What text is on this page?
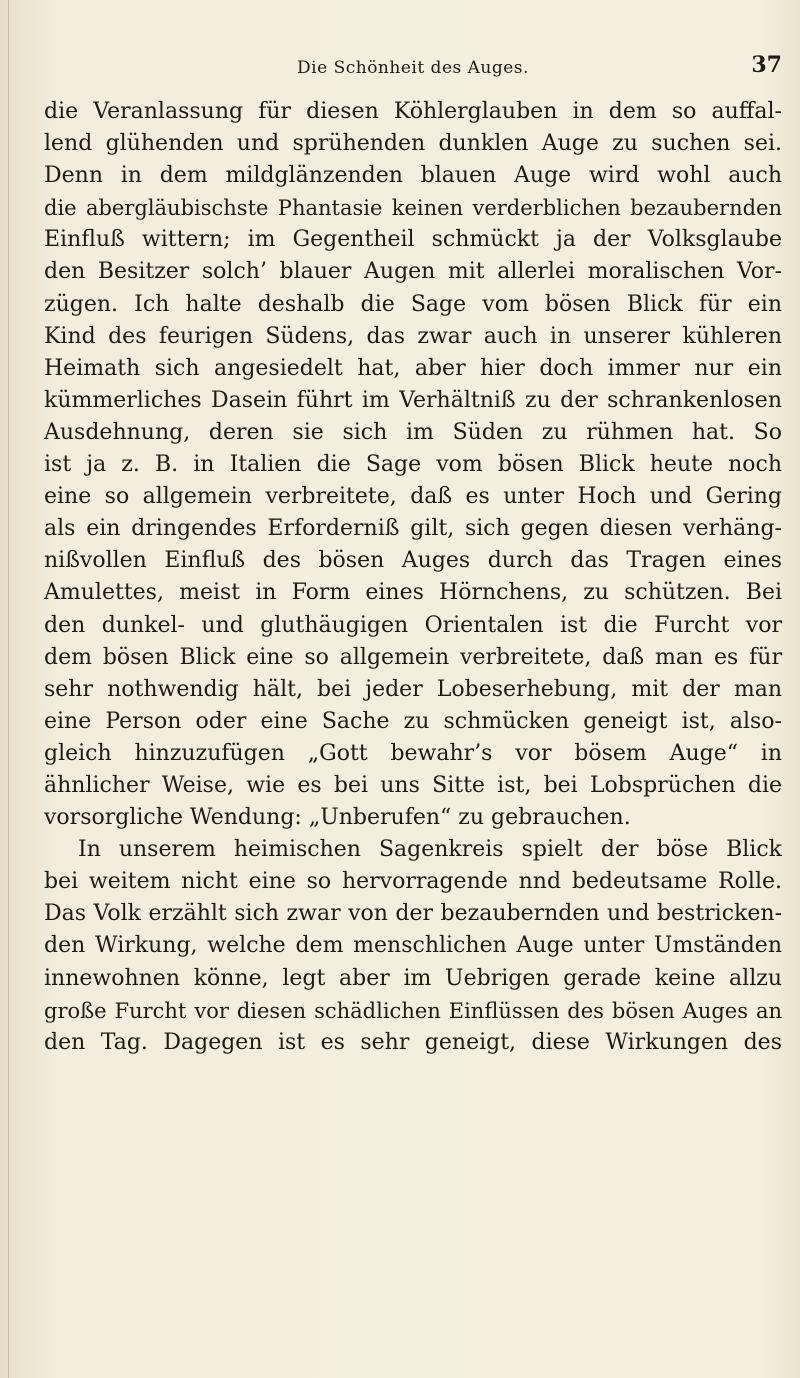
Die Schönheit des Auges.	37
die Veranlassung für diesen Köhlerglauben in dem so auffal-
lend glühenden und sprühenden dunklen Auge zu suchen sei.
Denn in dem mildglänzenden blauen Auge wird wohl auch
die abergläubischste Phantasie keinen verderblichen bezaubernden
Einfluß wittern; im Gegentheil schmückt ja der Volksglaube
den Besitzer solch’ blauer Augen mit allerlei moralischen Vor-
zügen. Ich halte deshalb die Sage vom bösen Blick für ein
Kind des feurigen Südens, das zwar auch in unserer kühleren
Heimath sich angesiedelt hat, aber hier doch immer nur ein
kümmerliches Dasein führt im Verhältniß zu der schrankenlosen
Ausdehnung, deren sie sich im Süden zu rühmen hat. So
ist ja z. B. in Italien die Sage vom bösen Blick heute noch
eine so allgemein verbreitete, daß es unter Hoch und Gering
als ein dringendes Erforderniß gilt, sich gegen diesen verhäng-
nißvollen Einfluß des bösen Auges durch das Tragen eines
Amulettes, meist in Form eines Hörnchens, zu schützen. Bei
den dunkel- und gluthäugigen Orientalen ist die Furcht vor
dem bösen Blick eine so allgemein verbreitete, daß man es für
sehr nothwendig hält, bei jeder Lobeserhebung, mit der man
eine Person oder eine Sache zu schmücken geneigt ist, also-
gleich hinzuzufügen „Gott bewahr’s vor bösem Auge“ in
ähnlicher Weise, wie es bei uns Sitte ist, bei Lobsprüchen die
vorsorgliche Wendung: „Unberufen“ zu gebrauchen.
In unserem heimischen Sagenkreis spielt der böse Blick
bei weitem nicht eine so hervorragende nnd bedeutsame Rolle.
Das Volk erzählt sich zwar von der bezaubernden und bestricken-
den Wirkung, welche dem menschlichen Auge unter Umständen
innewohnen könne, legt aber im Uebrigen gerade keine allzu
große Furcht vor diesen schädlichen Einflüssen des bösen Auges an
den Tag. Dagegen ist es sehr geneigt, diese Wirkungen des
